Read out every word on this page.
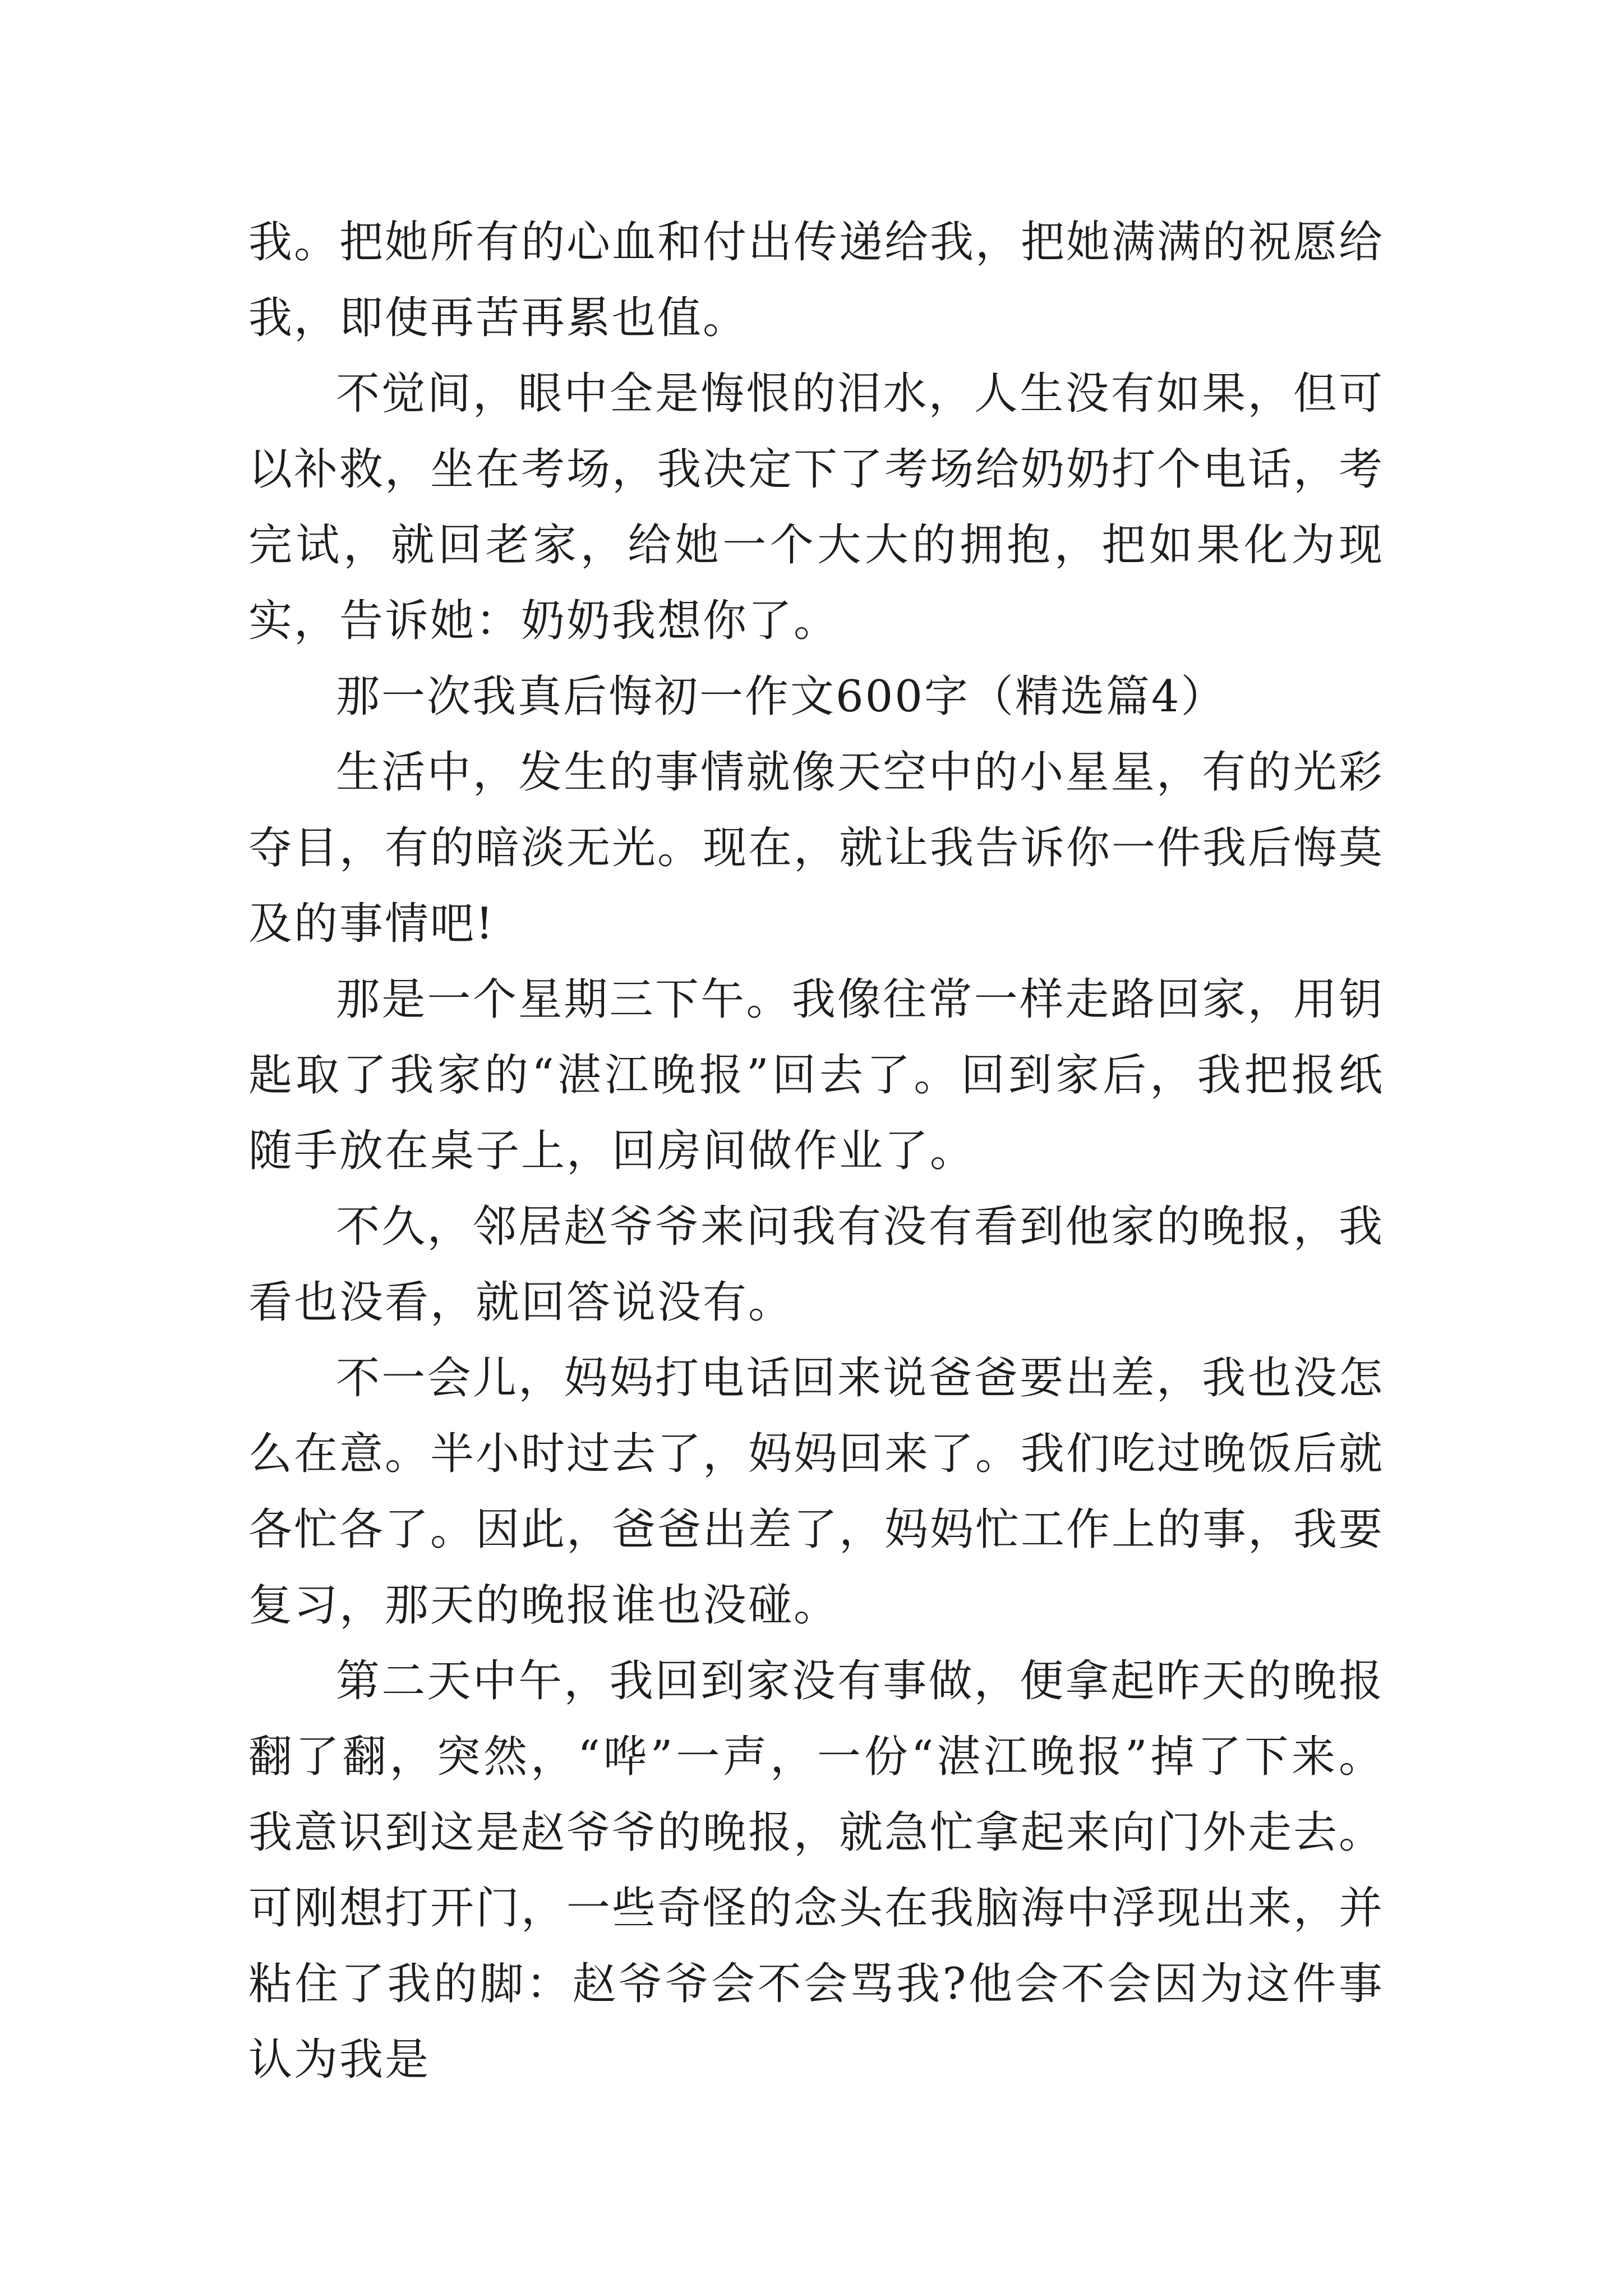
我。把她所有的心血和付出传递给我，把她满满的祝愿给我，即使再苦再累也值。

不觉间，眼中全是悔恨的泪水，人生没有如果，但可以补救，坐在考场，我决定下了考场给奶奶打个电话，考完试，就回老家，给她一个大大的拥抱，把如果化为现实，告诉她：奶奶我想你了。

那一次我真后悔初一作文600字（精选篇4）

生活中，发生的事情就像天空中的小星星，有的光彩夺目，有的暗淡无光。现在，就让我告诉你一件我后悔莫及的事情吧!

那是一个星期三下午。我像往常一样走路回家，用钥匙取了我家的“湛江晚报”回去了。回到家后，我把报纸随手放在桌子上，回房间做作业了。

不久，邻居赵爷爷来问我有没有看到他家的晚报，我看也没看，就回答说没有。

不一会儿，妈妈打电话回来说爸爸要出差，我也没怎么在意。半小时过去了，妈妈回来了。我们吃过晚饭后就各忙各了。因此，爸爸出差了，妈妈忙工作上的事，我要复习，那天的晚报谁也没碰。

第二天中午，我回到家没有事做，便拿起昨天的晚报翻了翻，突然，“哗”一声，一份“湛江晚报”掉了下来。我意识到这是赵爷爷的晚报，就急忙拿起来向门外走去。可刚想打开门，一些奇怪的念头在我脑海中浮现出来，并粘住了我的脚：赵爷爷会不会骂我?他会不会因为这件事认为我是
